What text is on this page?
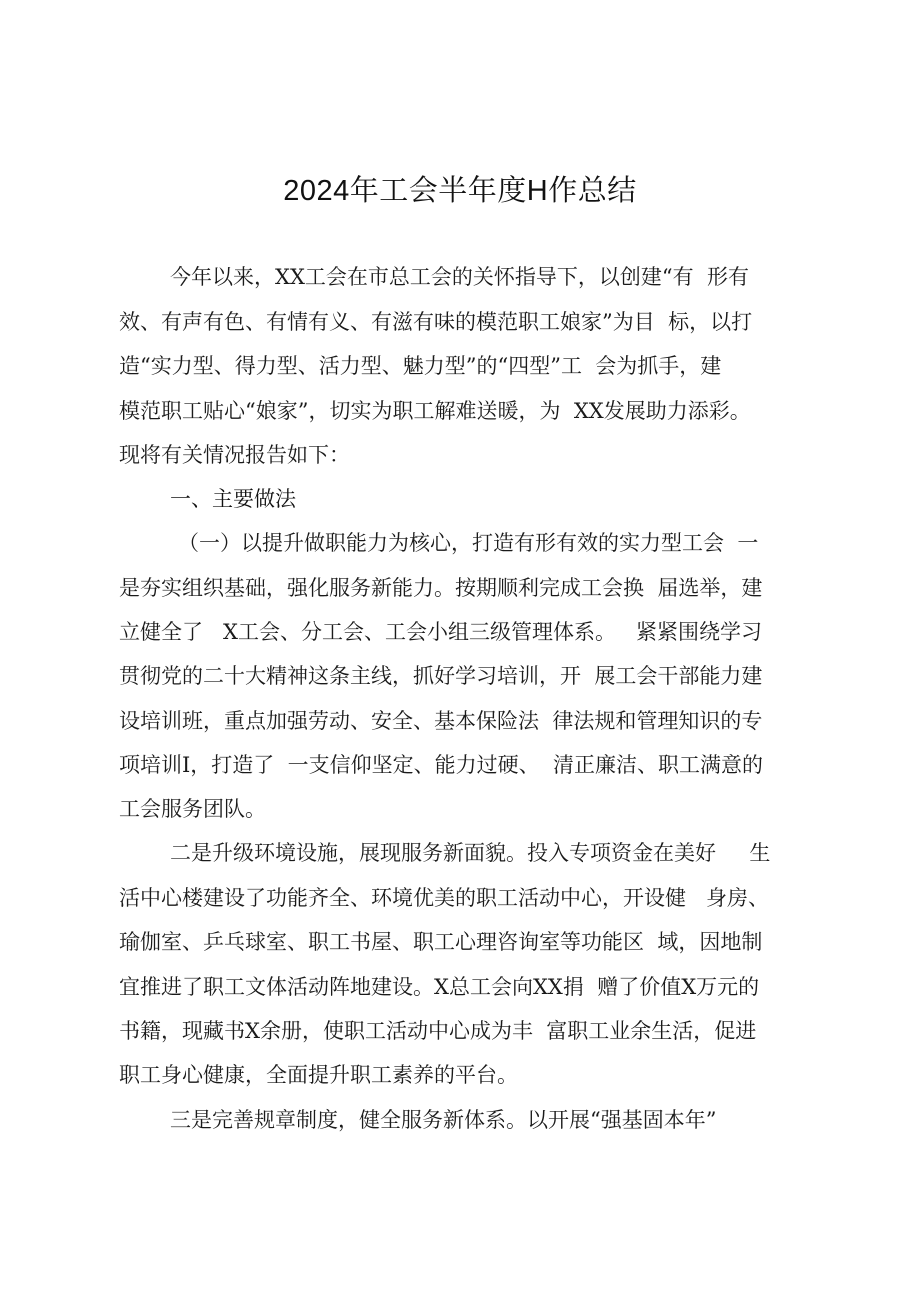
2024年工会半年度H作总结
今年以来，XX工会在市总工会的关怀指导下，以创建“有  形有
效、有声有色、有情有义、有滋有味的模范职工娘家”为目  标，以打
造“实力型、得力型、活力型、魅力型”的“四型”工  会为抓手，建
模范职工贴心“娘家”，切实为职工解难送暖，为  XX发展助力添彩。
现将有关情况报告如下：
一、主要做法
（一）以提升做职能力为核心，打造有形有效的实力型工会  一
是夯实组织基础，强化服务新能力。按期顺利完成工会换  届选举，建
立健全了   X工会、分工会、工会小组三级管理体系。   紧紧围绕学习
贯彻党的二十大精神这条主线，抓好学习培训，开  展工会干部能力建
设培训班，重点加强劳动、安全、基本保险法  律法规和管理知识的专
项培训I，打造了  一支信仰坚定、能力过硬、  清正廉洁、职工满意的
工会服务团队。
二是升级环境设施，展现服务新面貌。投入专项资金在美好     生
活中心楼建设了功能齐全、环境优美的职工活动中心，开设健   身房、
瑜伽室、乒乓球室、职工书屋、职工心理咨询室等功能区  域，因地制
宜推进了职工文体活动阵地建设。X总工会向XX捐  赠了价值X万元的
书籍，现藏书X余册，使职工活动中心成为丰  富职工业余生活，促进
职工身心健康，全面提升职工素养的平台。
三是完善规章制度，健全服务新体系。以开展“强基固本年”
